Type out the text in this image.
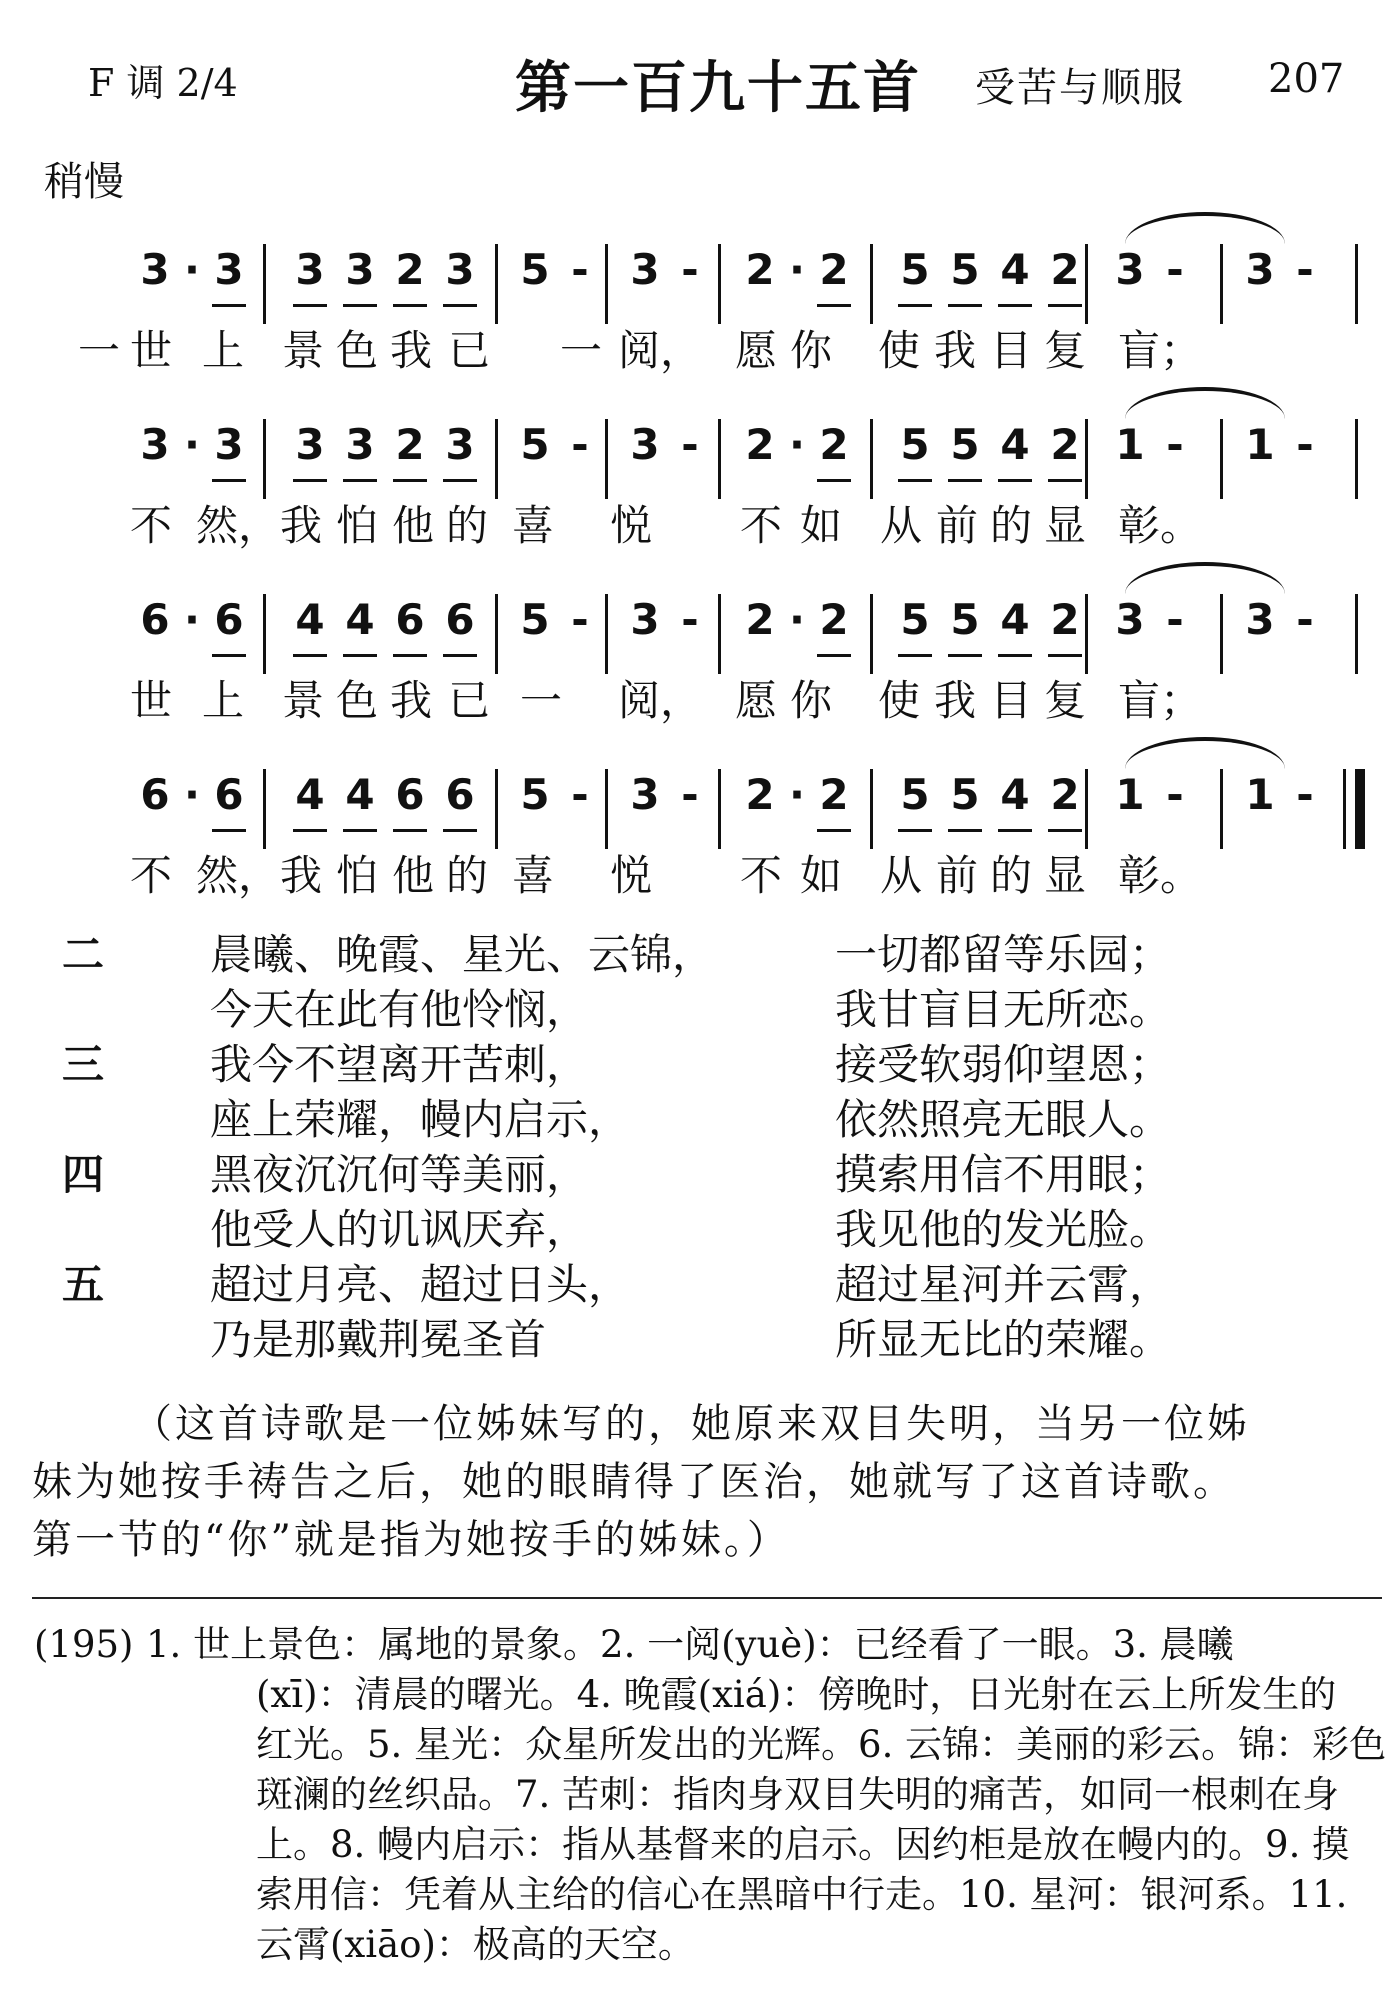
F 调 2/4	第一百九十五首 受苦与顺服 207
稍慢
3 · 3 3 3 2 3 5 - 3 - 2 · 2 5 5 4 2 3 - 3 -
一 世 上 景 色 我 已 一 阅， 愿 你 使 我 目 复 盲；
3 · 3 3 3 2 3 5 - 3 - 2 · 2 5 5 4 2 1 - 1 -
不 然， 我 怕 他 的 喜 悦 不 如 从 前 的 显 彰。
6 · 6 4 4 6 6 5 - 3 - 2 · 2 5 5 4 2 3 - 3 -
世 上 景 色 我 已 一 阅， 愿 你 使 我 目 复 盲；
6 · 6 4 4 6 6 5 - 3 - 2 · 2 5 5 4 2 1 - 1 -
不 然， 我 怕 他 的 喜 悦 不 如 从 前 的 显 彰。
二	晨曦、晚霞、星光、云锦，	一切都留等乐园；
今天在此有他怜悯，	我甘盲目无所恋。
三	我今不望离开苦刺，	接受软弱仰望恩；
座上荣耀，幔内启示，	依然照亮无眼人。
四	黑夜沉沉何等美丽，	摸索用信不用眼；
他受人的讥讽厌弃，	我见他的发光脸。
五	超过月亮、超过日头，	超过星河并云霄，
乃是那戴荆冕圣首	所显无比的荣耀。
（这首诗歌是一位姊妹写的，她原来双目失明，当另一位姊
妹为她按手祷告之后，她的眼睛得了医治，她就写了这首诗歌。
第一节的“你”就是指为她按手的姊妹。）
(195) 1. 世上景色：属地的景象。2. 一阅(yuè)：已经看了一眼。3. 晨曦
(xī)：清晨的曙光。4. 晚霞(xiá)：傍晚时，日光射在云上所发生的
红光。5. 星光：众星所发出的光辉。6. 云锦：美丽的彩云。锦：彩色
斑澜的丝织品。7. 苦刺：指肉身双目失明的痛苦，如同一根刺在身
上。8. 幔内启示：指从基督来的启示。因约柜是放在幔内的。9. 摸
索用信：凭着从主给的信心在黑暗中行走。10. 星河：银河系。11.
云霄(xiāo)：极高的天空。
